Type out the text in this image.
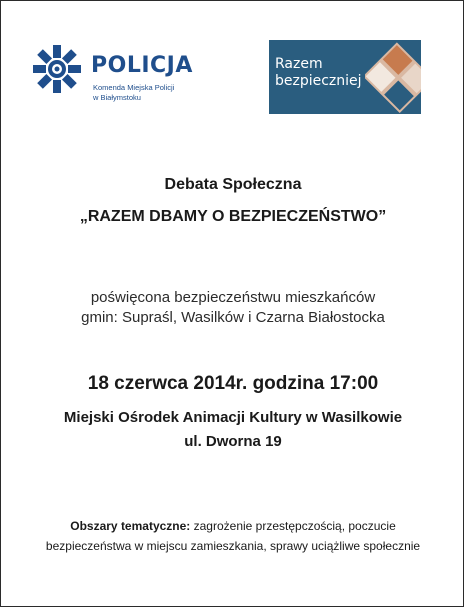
POLICJA
Komenda Miejska Policji
w Białymstoku
Razem
bezpieczniej
Debata Społeczna
„RAZEM DBAMY O BEZPIECZEŃSTWO”
poświęcona bezpieczeństwu mieszkańców
gmin: Supraśl, Wasilków i Czarna Białostocka
18 czerwca 2014r. godzina 17:00
Miejski Ośrodek Animacji Kultury w Wasilkowie
ul. Dworna 19
Obszary tematyczne: zagrożenie przestępczością, poczucie
bezpieczeństwa w miejscu zamieszkania, sprawy uciążliwe społecznie
